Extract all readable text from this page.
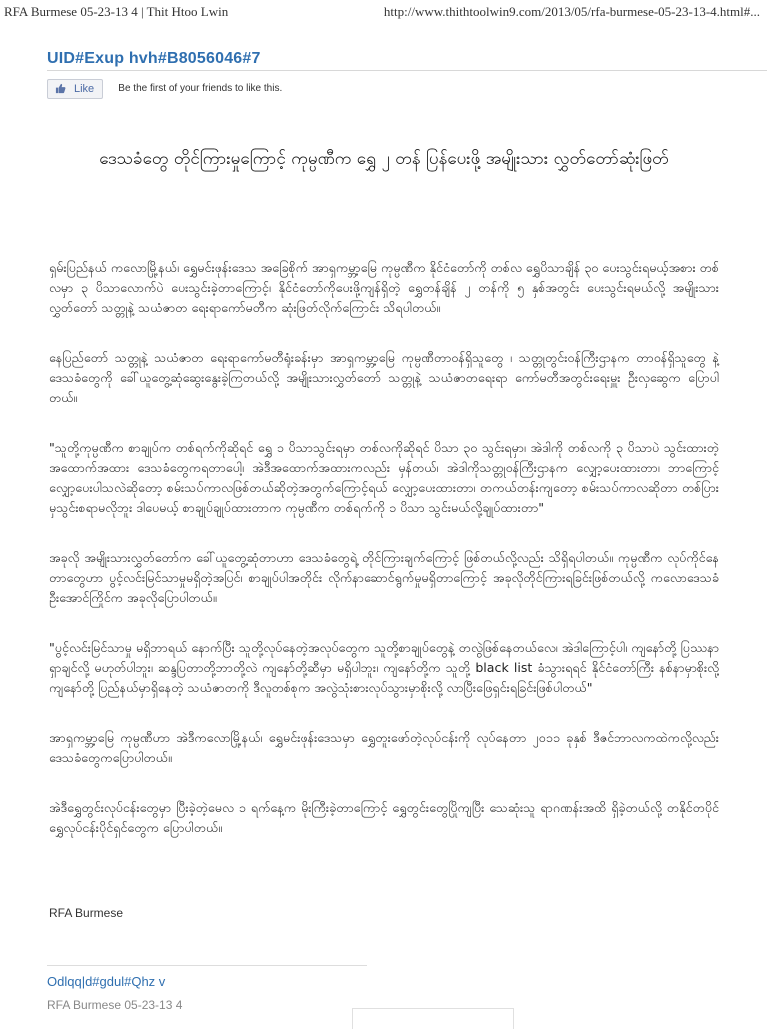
RFA Burmese 05-23-13 4 | Thit Htoo Lwin	http://www.thithtoolwin9.com/2013/05/rfa-burmese-05-23-13-4.html#...
UID#Exup hvh#B8056046#7
Like Be the first of your friends to like this.
ဒေသခံတွေ တိုင်ကြားမှုကြောင့် ကုမ္ပဏီက ရွှေ ၂ တန် ပြန်ပေးဖို့ အမျိုးသား လွှတ်တော်ဆုံးဖြတ်

ရှမ်းပြည်နယ် ကလောမြို့နယ်၊ ရွှေမင်းဖုန်းဒေသ အခြေစိုက် အာရှကမ္ဘာ့မြေ ကုမ္ပဏီက နိုင်ငံတော်ကို တစ်လ ရွှေပိသာချိန် ၃၀ ပေးသွင်းရမယ့်အစား တစ်လမှာ ၃ ပိသာလောက်ပဲ ပေးသွင်းခဲ့တာကြောင့်၊ နိုင်ငံတော်ကိုပေးဖို့ကျန်ရှိတဲ့ ရွှေတန်ချိန် ၂ တန်ကို ၅ နှစ်အတွင်း ပေးသွင်းရမယ်လို့ အမျိုးသားလွှတ်တော် သတ္တုနဲ့ သယံဇာတ ရေးရာကော်မတီက ဆုံးဖြတ်လိုက်ကြောင်း သိရပါတယ်။

နေပြည်တော် သတ္တုနဲ့ သယံဇာတ ရေးရာကော်မတီရုံးခန်းမှာ အာရှကမ္ဘာ့မြေ ကုမ္ပဏီတာဝန်ရှိသူတွေ ၊ သတ္တုတွင်းဝန်ကြီးဌာနက တာဝန်ရှိသူတွေ နဲ့ ဒေသခံတွေကို ခေါ်ယူတွေ့ဆုံဆွေးနွေးခဲ့ကြတယ်လို့ အမျိုးသားလွှတ်တော် သတ္တုနဲ့ သယံဇာတရေးရာ ကော်မတီအတွင်းရေးမှူး ဦးလှဆွေက ပြောပါတယ်။

"သူတို့ကုမ္ပဏီက စာချုပ်က တစ်ရက်ကိုဆိုရင် ရွှေ ၁ ပိသာသွင်းရမှာ တစ်လကိုဆိုရင် ပိသာ ၃၀ သွင်းရမှာ၊ အဲဒါကို တစ်လကို ၃ ပိသာပဲ သွင်းထားတဲ့အထောက်အထား ဒေသခံတွေကရတာပေါ့၊ အဲဒီအထောက်အထားကလည်း မှန်တယ်၊ အဲဒါကိုသတ္တုဝန်ကြီးဌာနက လျှော့ပေးထားတာ၊ ဘာကြောင့်လျှော့ပေးပါသလဲဆိုတော့ စမ်းသပ်ကာလဖြစ်တယ်ဆိုတဲ့အတွက်ကြောင့်ရယ် လျှော့ပေးထားတာ၊ တကယ်တန်းကျတော့ စမ်းသပ်ကာလဆိုတာ တစ်ပြားမှသွင်းစရာမလိုဘူး ဒါပေမယ့် စာချုပ်ချုပ်ထားတာက ကုမ္ပဏီက တစ်ရက်ကို ၁ ပိသာ သွင်းမယ်လို့ချုပ်ထားတာ"

အခုလို အမျိုးသားလွှတ်တော်က ခေါ်ယူတွေ့ဆုံတာဟာ ဒေသခံတွေရဲ့ တိုင်ကြားချက်ကြောင့် ဖြစ်တယ်လို့လည်း သိရှိရပါတယ်။ ကုမ္ပဏီက လုပ်ကိုင်နေတာတွေဟာ ပွင့်လင်းမြင်သာမှုမရှိတဲ့အပြင်၊ စာချုပ်ပါအတိုင်း လိုက်နာဆောင်ရွက်မှုမရှိတာကြောင့် အခုလိုတိုင်ကြားရခြင်းဖြစ်တယ်လို့ ကလောဒေသခံ ဦးအောင်ကြိုင်က အခုလိုပြောပါတယ်။

"ပွင့်လင်းမြင်သာမှု မရှိဘာရယ် နောက်ပြီး သူတို့လုပ်နေတဲ့အလုပ်တွေက သူတို့စာချုပ်တွေနဲ့ တလွဲဖြစ်နေတယ်လေ၊ အဲဒါကြောင့်ပါ၊ ကျနော်တို့ ပြဿနာရှာချင်လို့ မဟုတ်ပါဘူး၊ ဆန္ဒပြတာတို့ဘာတို့လဲ ကျနော်တို့ဆီမှာ မရှိပါဘူး၊ ကျနော်တို့က သူတို့ black list ခံသွားရရင် နိုင်ငံတော်ကြီး နစ်နာမှာစိုးလို့ ကျနော်တို့ ပြည်နယ်မှာရှိနေတဲ့ သယံဇာတကို ဒီလူတစ်စုက အလွဲသုံးစားလုပ်သွားမှာစိုးလို့ လာပြီးဖြေရှင်းရခြင်းဖြစ်ပါတယ်"

အာရှကမ္ဘာ့မြေ ကုမ္ပဏီဟာ အဲဒီကလောမြို့နယ်၊ ရွှေမင်းဖုန်းဒေသမှာ ရွှေတူးဖော်တဲ့လုပ်ငန်းကို လုပ်နေတာ ၂၀၁၁ ခုနှစ် ဒီဇင်ဘာလကထဲကလို့လည်း ဒေသခံတွေကပြောပါတယ်။

အဲဒီရွှေတွင်းလုပ်ငန်းတွေမှာ ပြီးခဲ့တဲ့မေလ ၁ ရက်နေ့က မိုးကြီးခဲ့တာကြောင့် ရွှေတွင်းတွေပြိုကျပြီး သေဆုံးသူ ရာဂဏန်းအထိ ရှိခဲ့တယ်လို့ တနိုင်တပိုင် ရွှေလုပ်ငန်းပိုင်ရှင်တွေက ပြောပါတယ်။

RFA Burmese
Odlqq|d#gdul#Qhz v
RFA Burmese 05-23-13 4
